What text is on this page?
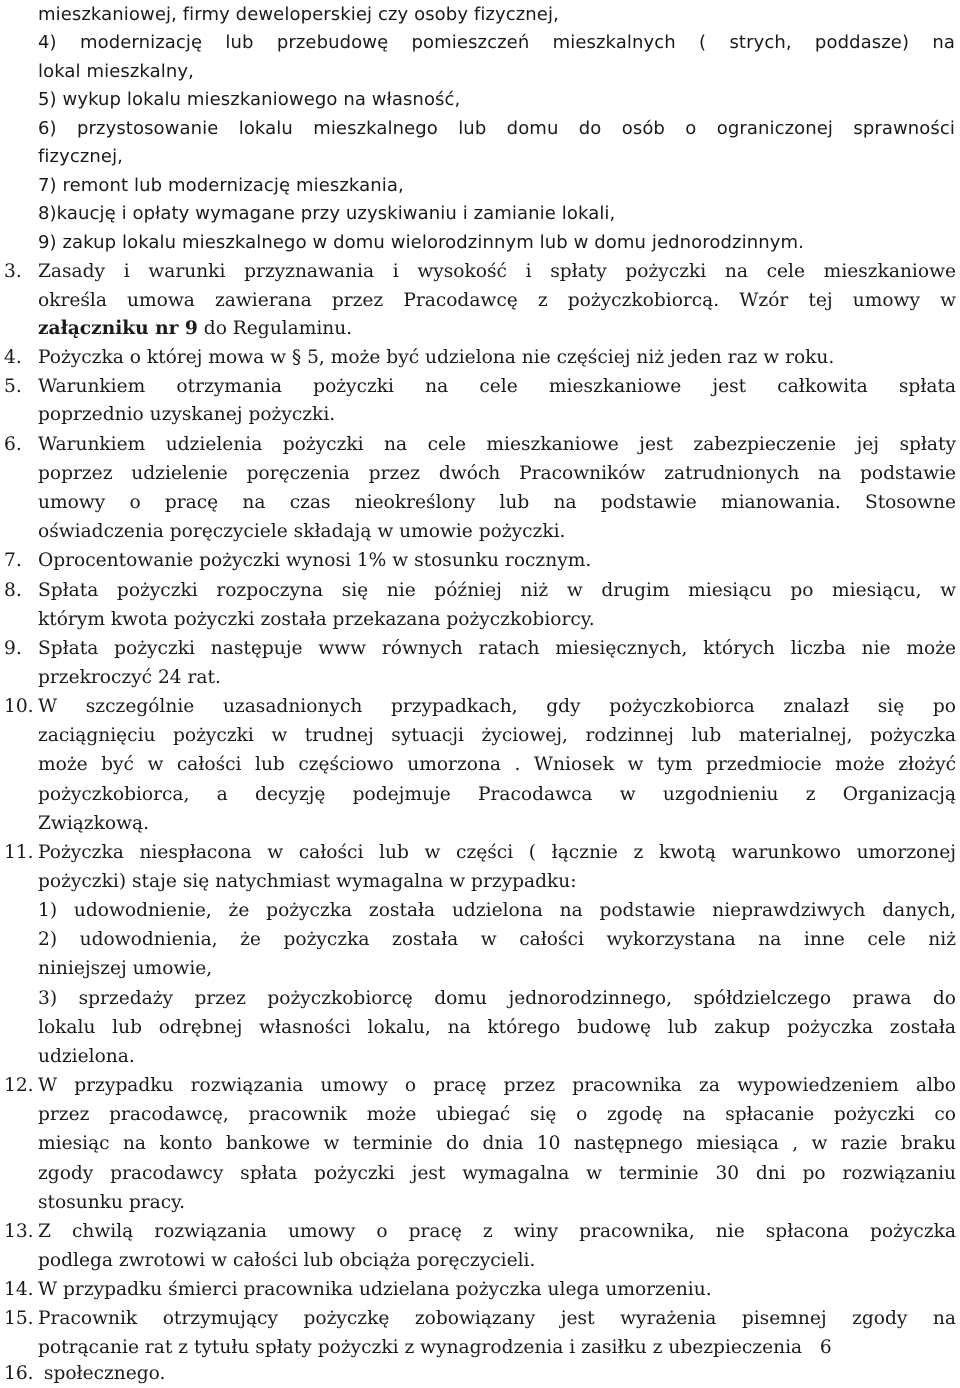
mieszkaniowej, firmy deweloperskiej czy osoby fizycznej,
4) modernizację lub przebudowę pomieszczeń mieszkalnych ( strych, poddasze) na
lokal mieszkalny,
5) wykup lokalu mieszkaniowego na własność,
6) przystosowanie lokalu mieszkalnego lub domu do osób o ograniczonej sprawności
fizycznej,
7) remont lub modernizację mieszkania,
8)kaucję i opłaty wymagane przy uzyskiwaniu i zamianie lokali,
9) zakup lokalu mieszkalnego w domu wielorodzinnym lub w domu jednorodzinnym.
3. Zasady i warunki przyznawania i wysokość i spłaty pożyczki na cele mieszkaniowe
określa umowa zawierana przez Pracodawcę z pożyczkobiorcą. Wzór tej umowy w
załączniku nr 9 do Regulaminu.
4. Pożyczka o której mowa w § 5, może być udzielona nie częściej niż jeden raz w roku.
5. Warunkiem otrzymania pożyczki na cele mieszkaniowe jest całkowita spłata
poprzednio uzyskanej pożyczki.
6. Warunkiem udzielenia pożyczki na cele mieszkaniowe jest zabezpieczenie jej spłaty
poprzez udzielenie poręczenia przez dwóch Pracowników zatrudnionych na podstawie
umowy o pracę na czas nieokreślony lub na podstawie mianowania. Stosowne
oświadczenia poręczyciele składają w umowie pożyczki.
7. Oprocentowanie pożyczki wynosi 1% w stosunku rocznym.
8. Spłata pożyczki rozpoczyna się nie później niż w drugim miesiącu po miesiącu, w
którym kwota pożyczki została przekazana pożyczkobiorcy.
9. Spłata pożyczki następuje www równych ratach miesięcznych, których liczba nie może
przekroczyć 24 rat.
10. W szczególnie uzasadnionych przypadkach, gdy pożyczkobiorca znalazł się po
zaciągnięciu pożyczki w trudnej sytuacji życiowej, rodzinnej lub materialnej, pożyczka
może być w całości lub częściowo umorzona . Wniosek w tym przedmiocie może złożyć
pożyczkobiorca, a decyzję podejmuje Pracodawca w uzgodnieniu z Organizacją
Związkową.
11. Pożyczka niespłacona w całości lub w części ( łącznie z kwotą warunkowo umorzonej
pożyczki) staje się natychmiast wymagalna w przypadku:
1) udowodnienie, że pożyczka została udzielona na podstawie nieprawdziwych danych,
2) udowodnienia, że pożyczka została w całości wykorzystana na inne cele niż
niniejszej umowie,
3) sprzedaży przez pożyczkobiorcę domu jednorodzinnego, spółdzielczego prawa do
lokalu lub odrębnej własności lokalu, na którego budowę lub zakup pożyczka została
udzielona.
12. W przypadku rozwiązania umowy o pracę przez pracownika za wypowiedzeniem albo
przez pracodawcę, pracownik może ubiegać się o zgodę na spłacanie pożyczki co
miesiąc na konto bankowe w terminie do dnia 10 następnego miesiąca , w razie braku
zgody pracodawcy spłata pożyczki jest wymagalna w terminie 30 dni po rozwiązaniu
stosunku pracy.
13. Z chwilą rozwiązania umowy o pracę z winy pracownika, nie spłacona pożyczka
podlega zwrotowi w całości lub obciąża poręczycieli.
14. W przypadku śmierci pracownika udzielana pożyczka ulega umorzeniu.
15. Pracownik otrzymujący pożyczkę zobowiązany jest wyrażenia pisemnej zgody na
potrącanie rat z tytułu spłaty pożyczki z wynagrodzenia i zasiłku z ubezpieczenia   6
16. społecznego.
